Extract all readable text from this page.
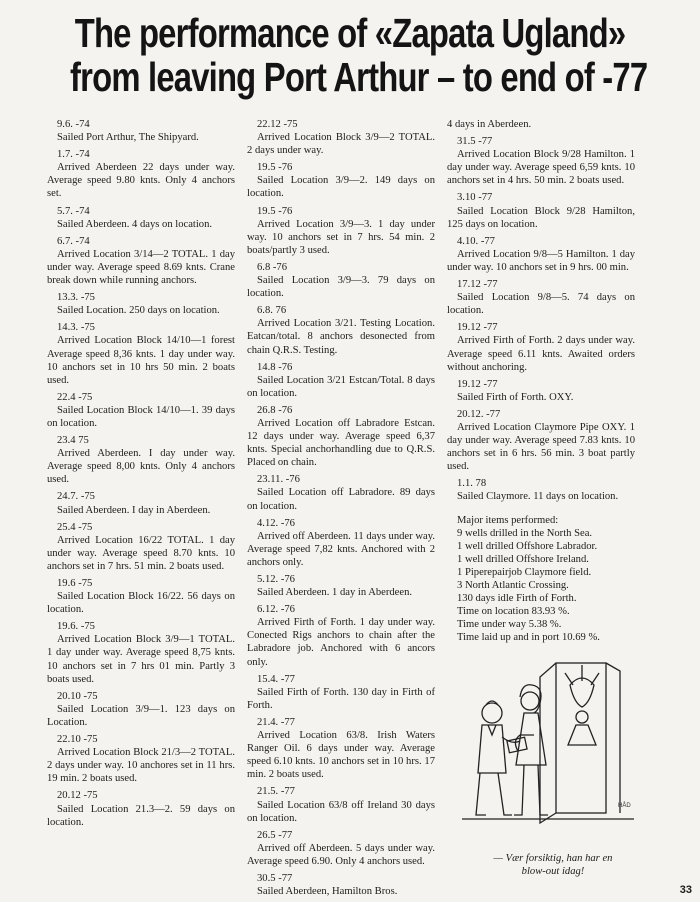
The performance of «Zapata Ugland»
from leaving Port Arthur – to end of -77
9.6. -74
Sailed Port Arthur, The Shipyard.
1.7. -74
Arrived Aberdeen 22 days under way. Average speed 9.80 knts. Only 4 anchors set.
5.7. -74
Sailed Aberdeen. 4 days on location.
6.7. -74
Arrived Location 3/14—2 TOTAL. 1 day under way. Average speed 8.69 knts. Crane break down while running anchors.
13.3. -75
Sailed Location. 250 days on location.
14.3. -75
Arrived Location Block 14/10—1 forest Average speed 8,36 knts. 1 day under way. 10 anchors set in 10 hrs 50 min. 2 boats used.
22.4 -75
Sailed Location Block 14/10—1. 39 days on location.
23.4 75
Arrived Aberdeen. I day under way. Average speed 8,00 knts. Only 4 anchors used.
24.7. -75
Sailed Aberdeen. I day in Aberdeen.
25.4 -75
Arrived Location 16/22 TOTAL. 1 day under way. Average speed 8.70 knts. 10 anchors set in 7 hrs. 51 min. 2 boats used.
19.6 -75
Sailed Location Block 16/22. 56 days on location.
19.6. -75
Arrived Location Block 3/9—1 TOTAL. 1 day under way. Average speed 8,75 knts. 10 anchors set in 7 hrs 01 min. Partly 3 boats used.
20.10 -75
Sailed Location 3/9—1. 123 days on Location.
22.10 -75
Arrived Location Block 21/3—2 TOTAL. 2 days under way. 10 anchores set in 11 hrs. 19 min. 2 boats used.
20.12 -75
Sailed Location 21.3—2. 59 days on location.
22.12 -75
Arrived Location Block 3/9—2 TOTAL. 2 days under way.
19.5 -76
Sailed Location 3/9—2. 149 days on location.
19.5 -76
Arrived Location 3/9—3. 1 day under way. 10 anchors set in 7 hrs. 54 min. 2 boats/partly 3 used.
6.8 -76
Sailed Location 3/9—3. 79 days on location.
6.8. 76
Arrived Location 3/21. Testing Location. Eatcan/total. 8 anchors desonected from chain Q.R.S. Testing.
14.8 -76
Sailed Location 3/21 Estcan/Total. 8 days on location.
26.8 -76
Arrived Location off Labradore Estcan. 12 days under way. Average speed 6,37 knts. Special anchorhandling due to Q.R.S. Placed on chain.
23.11. -76
Sailed Location off Labradore. 89 days on location.
4.12. -76
Arrived off Aberdeen. 11 days under way. Average speed 7,82 knts. Anchored with 2 anchors only.
5.12. -76
Sailed Aberdeen. 1 day in Aberdeen.
6.12. -76
Arrived Firth of Forth. 1 day under way. Conected Rigs anchors to chain after the Labradore job. Anchored with 6 ancors only.
15.4. -77
Sailed Firth of Forth. 130 day in Firth of Forth.
21.4. -77
Arrived Location 63/8. Irish Waters Ranger Oil. 6 days under way. Average speed 6.10 knts. 10 anchors set in 10 hrs. 17 min. 2 boats used.
21.5. -77
Sailed Location 63/8 off Ireland 30 days on location.
26.5 -77
Arrived off Aberdeen. 5 days under way. Average speed 6.90. Only 4 anchors used.
30.5 -77
Sailed Aberdeen, Hamilton Bros.
4 days in Aberdeen.
31.5 -77
Arrived Location Block 9/28 Hamilton. 1 day under way. Average speed 6,59 knts. 10 anchors set in 4 hrs. 50 min. 2 boats used.
3.10 -77
Sailed Location Block 9/28 Hamilton, 125 days on location.
4.10. -77
Arrived Location 9/8—5 Hamilton. 1 day under way. 10 anchors set in 9 hrs. 00 min.
17.12 -77
Sailed Location 9/8—5. 74 days on location.
19.12 -77
Arrived Firth of Forth. 2 days under way. Average speed 6.11 knts. Awaited orders without anchoring.
19.12 -77
Sailed Firth of Forth. OXY.
20.12. -77
Arrived Location Claymore Pipe OXY. 1 day under way. Average speed 7.83 knts. 10 anchors set in 6 hrs. 56 min. 3 boat partly used.
1.1. 78
Sailed Claymore. 11 days on location.
Major items performed:
9 wells drilled in the North Sea.
1 well drilled Offshore Labrador.
1 well drilled Offshore Ireland.
1 Piperepairjob Claymore field.
3 North Atlantic Crossing.
130 days idle Firth of Forth.
Time on location 83.93 %.
Time under way 5.38 %.
Time laid up and in port 10.69 %.
HÅD
— Vær forsiktig, han har en
blow-out idag!
33
